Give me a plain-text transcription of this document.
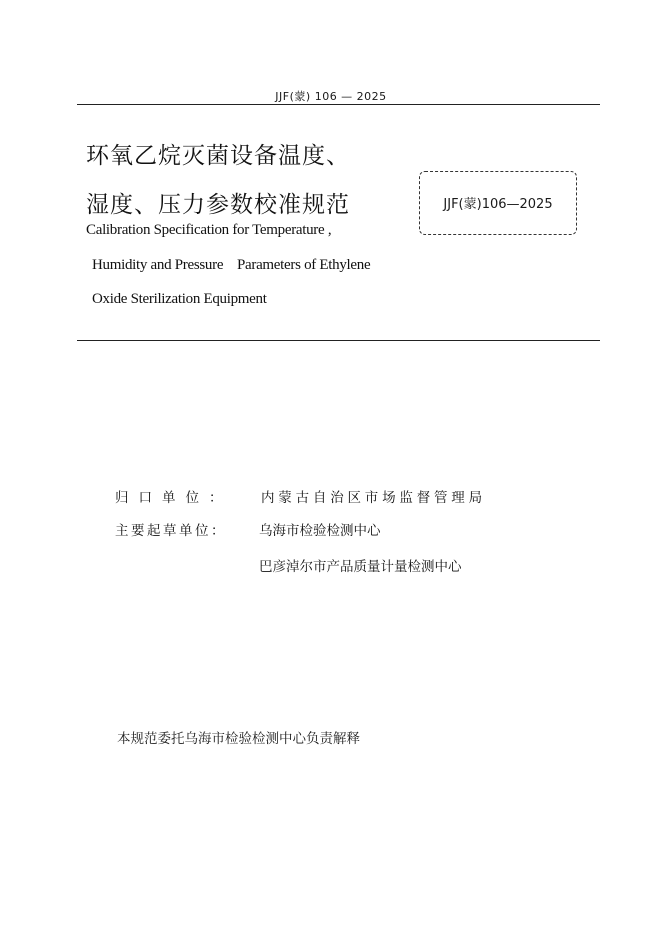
JJF(蒙) 106 — 2025
环氧乙烷灭菌设备温度、
湿度、压力参数校准规范	JJF(蒙)106—2025
Calibration Specification for Temperature ,
Humidity and Pressure    Parameters of Ethylene
Oxide Sterilization Equipment
归口单位： 内蒙古自治区市场监督管理局
主要起草单位： 乌海市检验检测中心
巴彦淖尔市产品质量计量检测中心
本规范委托乌海市检验检测中心负责解释
